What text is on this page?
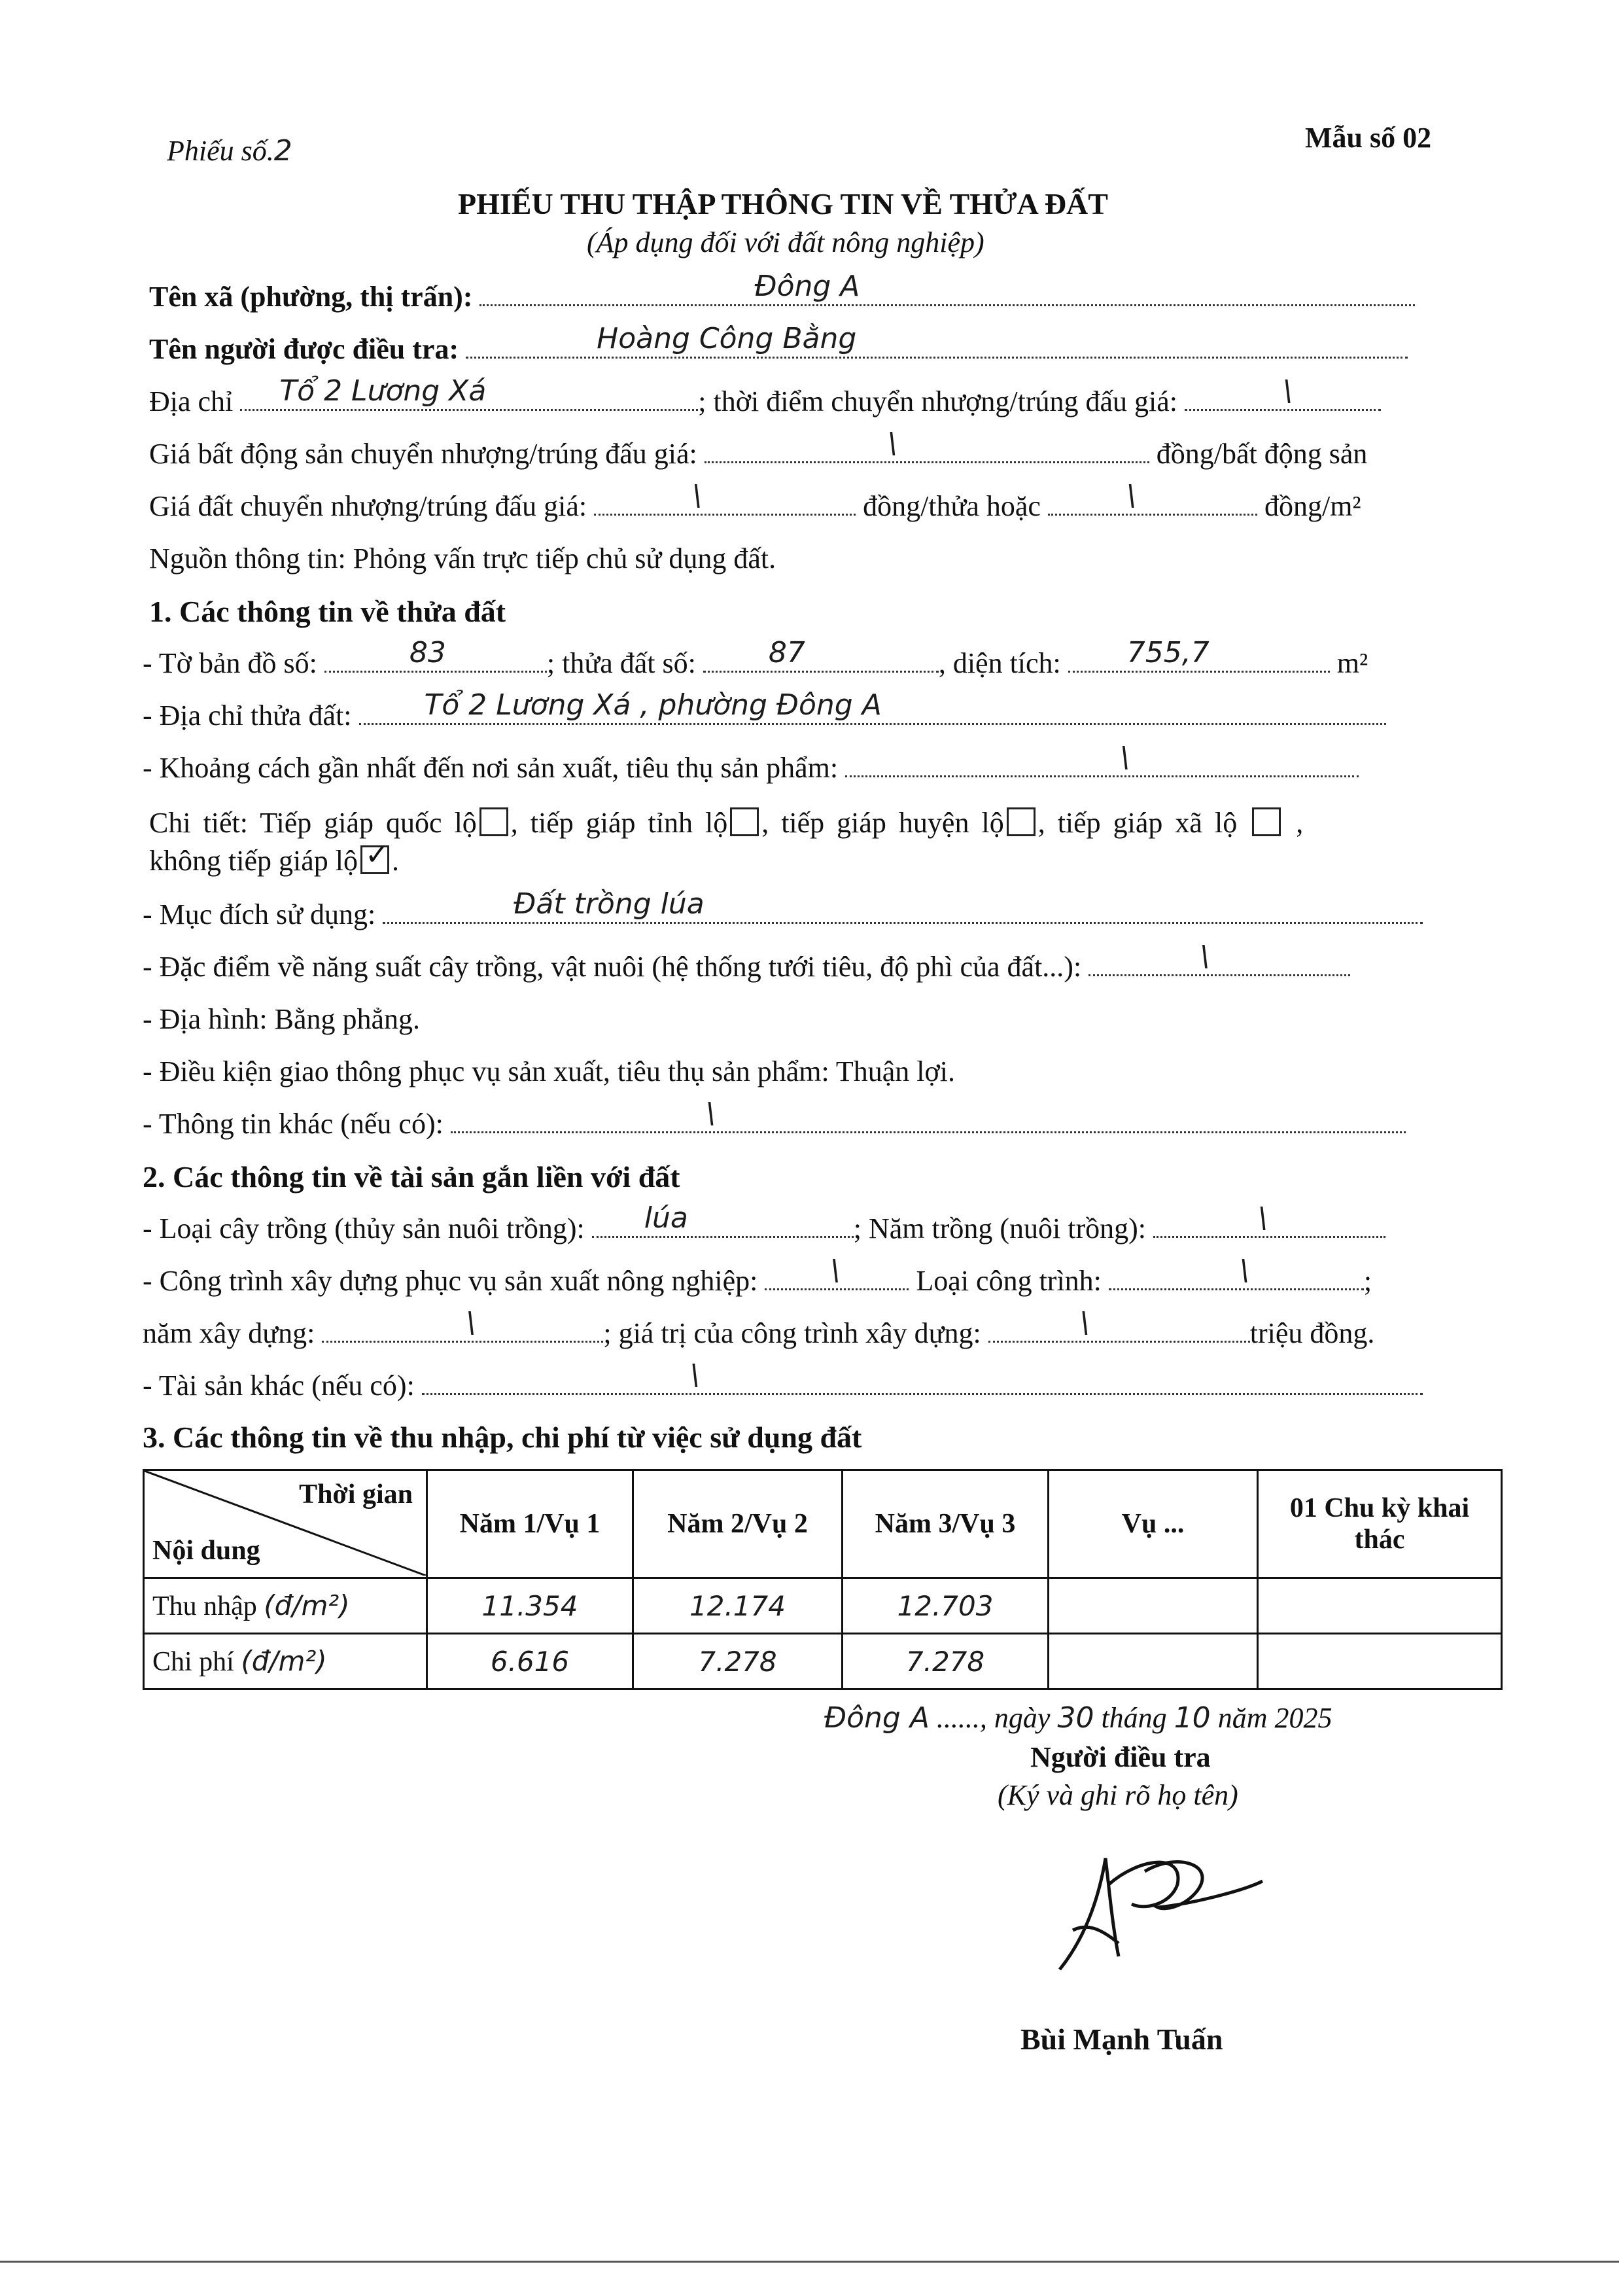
Phiếu số.2	Mẫu số 02
PHIẾU THU THẬP THÔNG TIN VỀ THỬA ĐẤT
(Áp dụng đối với đất nông nghiệp)
Tên xã (phường, thị trấn):	Đông A
Tên người được điều tra:	Hoàng Công Bằng
Địa chỉ Tổ 2 Lương Xá	; thời điểm chuyển nhượng/trúng đấu giá:	\
Giá bất động sản chuyển nhượng/trúng đấu giá:	\	đồng/bất động sản
Giá đất chuyển nhượng/trúng đấu giá:	\	đồng/thửa hoặc	\	đồng/m²
Nguồn thông tin: Phỏng vấn trực tiếp chủ sử dụng đất.
1. Các thông tin về thửa đất
- Tờ bản đồ số:	83	; thửa đất số:	87	, diện tích: 755,7	m²
- Địa chỉ thửa đất:	Tổ 2 Lương Xá , phường Đông A
- Khoảng cách gần nhất đến nơi sản xuất, tiêu thụ sản phẩm:	\
Chi tiết: Tiếp giáp quốc lộ , tiếp giáp tỉnh lộ , tiếp giáp huyện lộ , tiếp giáp xã lộ  ,
không tiếp giáp lộ ✓ .
- Mục đích sử dụng:	Đất trồng lúa
- Đặc điểm về năng suất cây trồng, vật nuôi (hệ thống tưới tiêu, độ phì của đất...):	\
- Địa hình: Bằng phẳng.
- Điều kiện giao thông phục vụ sản xuất, tiêu thụ sản phẩm: Thuận lợi.
- Thông tin khác (nếu có):	\
2. Các thông tin về tài sản gắn liền với đất
- Loại cây trồng (thủy sản nuôi trồng): lúa	; Năm trồng (nuôi trồng):	\
- Công trình xây dựng phục vụ sản xuất nông nghiệp:	\	Loại công trình:	\	;
năm xây dựng:	\	; giá trị của công trình xây dựng:	\	triệu đồng.
- Tài sản khác (nếu có):	\
3. Các thông tin về thu nhập, chi phí từ việc sử dụng đất
Thời gian
Nội dung	Năm 1/Vụ 1	Năm 2/Vụ 2	Năm 3/Vụ 3	Vụ ...	01 Chu kỳ khai thác
Thu nhập (đ/m²)	11.354	12.174	12.703		
Chi phí (đ/m²)	6.616	7.278	7.278		
Đông A ......, ngày 30 tháng 10 năm 2025
Người điều tra
(Ký và ghi rõ họ tên)
Bùi Mạnh Tuấn
